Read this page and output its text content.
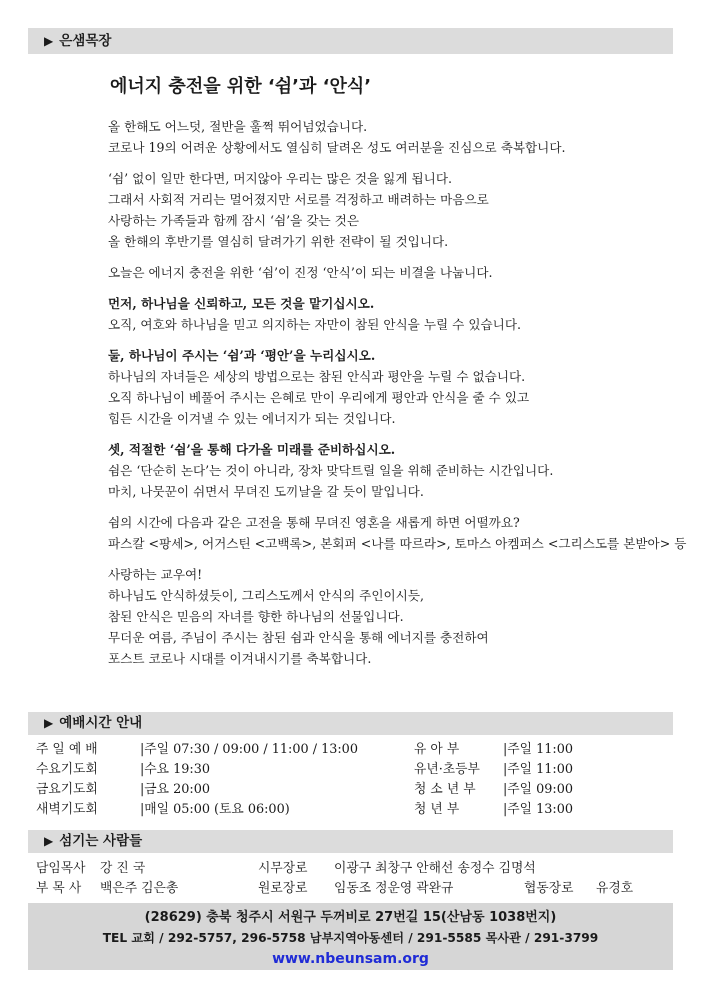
▶ 은샘목장
에너지 충전을 위한 ‘쉼’과 ‘안식’
올 한해도 어느덧, 절반을 훌쩍 뛰어넘었습니다.
코로나 19의 어려운 상황에서도 열심히 달려온 성도 여러분을 진심으로 축복합니다.
‘쉼’ 없이 일만 한다면, 머지않아 우리는 많은 것을 잃게 됩니다.
그래서 사회적 거리는 멀어졌지만 서로를 걱정하고 배려하는 마음으로
사랑하는 가족들과 함께 잠시 ‘쉼’을 갖는 것은
올 한해의 후반기를 열심히 달려가기 위한 전략이 될 것입니다.
오늘은 에너지 충전을 위한 ‘쉼’이 진정 ‘안식’이 되는 비결을 나눕니다.
먼저, 하나님을 신뢰하고, 모든 것을 맡기십시오.
오직, 여호와 하나님을 믿고 의지하는 자만이 참된 안식을 누릴 수 있습니다.
둘, 하나님이 주시는 ‘쉼’과 ‘평안’을 누리십시오.
하나님의 자녀들은 세상의 방법으로는 참된 안식과 평안을 누릴 수 없습니다.
오직 하나님이 베풀어 주시는 은혜로 만이 우리에게 평안과 안식을 줄 수 있고
힘든 시간을 이겨낼 수 있는 에너지가 되는 것입니다.
셋, 적절한 ‘쉼’을 통해 다가올 미래를 준비하십시오.
쉼은 ‘단순히 논다’는 것이 아니라, 장차 맞닥트릴 일을 위해 준비하는 시간입니다.
마치, 나뭇꾼이 쉬면서 무뎌진 도끼날을 갈 듯이 말입니다.
쉼의 시간에 다음과 같은 고전을 통해 무뎌진 영혼을 새롭게 하면 어떨까요?
파스칼 <팡세>, 어거스틴 <고백록>, 본회퍼 <나를 따르라>, 토마스 아켐퍼스 <그리스도를 본받아> 등
사랑하는 교우여!
하나님도 안식하셨듯이, 그리스도께서 안식의 주인이시듯,
참된 안식은 믿음의 자녀를 향한 하나님의 선물입니다.
무더운 여름, 주님이 주시는 참된 쉼과 안식을 통해 에너지를 충전하여
포스트 코로나 시대를 이겨내시기를 축복합니다.
▶ 예배시간 안내
주 일 예 배	|주일 07:30 / 09:00 / 11:00 / 13:00	유 아 부	|주일 11:00
수요기도회	|수요 19:30	유년·초등부 |주일 11:00
금요기도회	|금요 20:00	청 소 년 부 |주일 09:00
새벽기도회	|매일 05:00 (토요 06:00)	청 년 부	|주일 13:00
▶ 섬기는 사람들
담임목사 강 진 국	시무장로 이광구 최창구 안해선 송정수 김명석
부 목 사 백은주 김은총	원로장로 임동조 정운영 곽완규	협동장로 유경호
(28629) 충북 청주시 서원구 두꺼비로 27번길 15(산남동 1038번지)
TEL 교회 / 292-5757, 296-5758 남부지역아동센터 / 291-5585 목사관 / 291-3799
www.nbeunsam.org
